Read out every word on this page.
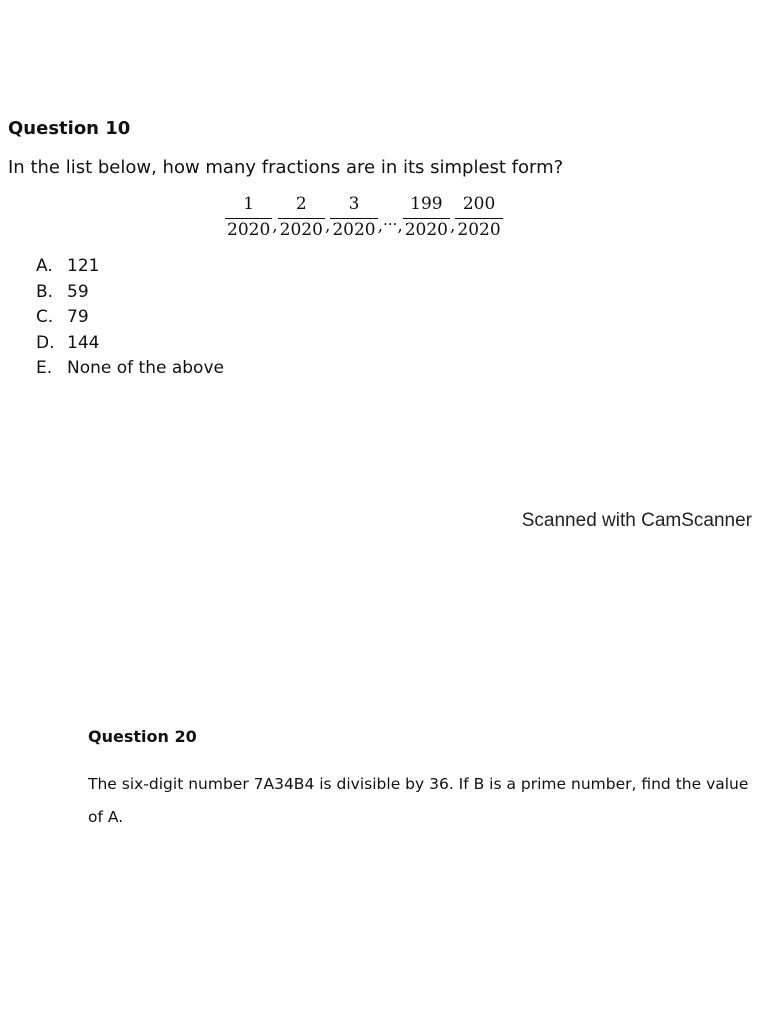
Question 10
In the list below, how many fractions are in its simplest form?
$\frac{1}{2020}$ , $\frac{2}{2020}$ , $\frac{3}{2020}$ , ... , $\frac{199}{2020}$ , $\frac{200}{2020}$
A. 121
B. 59
C. 79
D. 144
E. None of the above
Scanned with CamScanner
Question 20
The six-digit number 7A34B4 is divisible by 36. If B is a prime number, find the value of A.
